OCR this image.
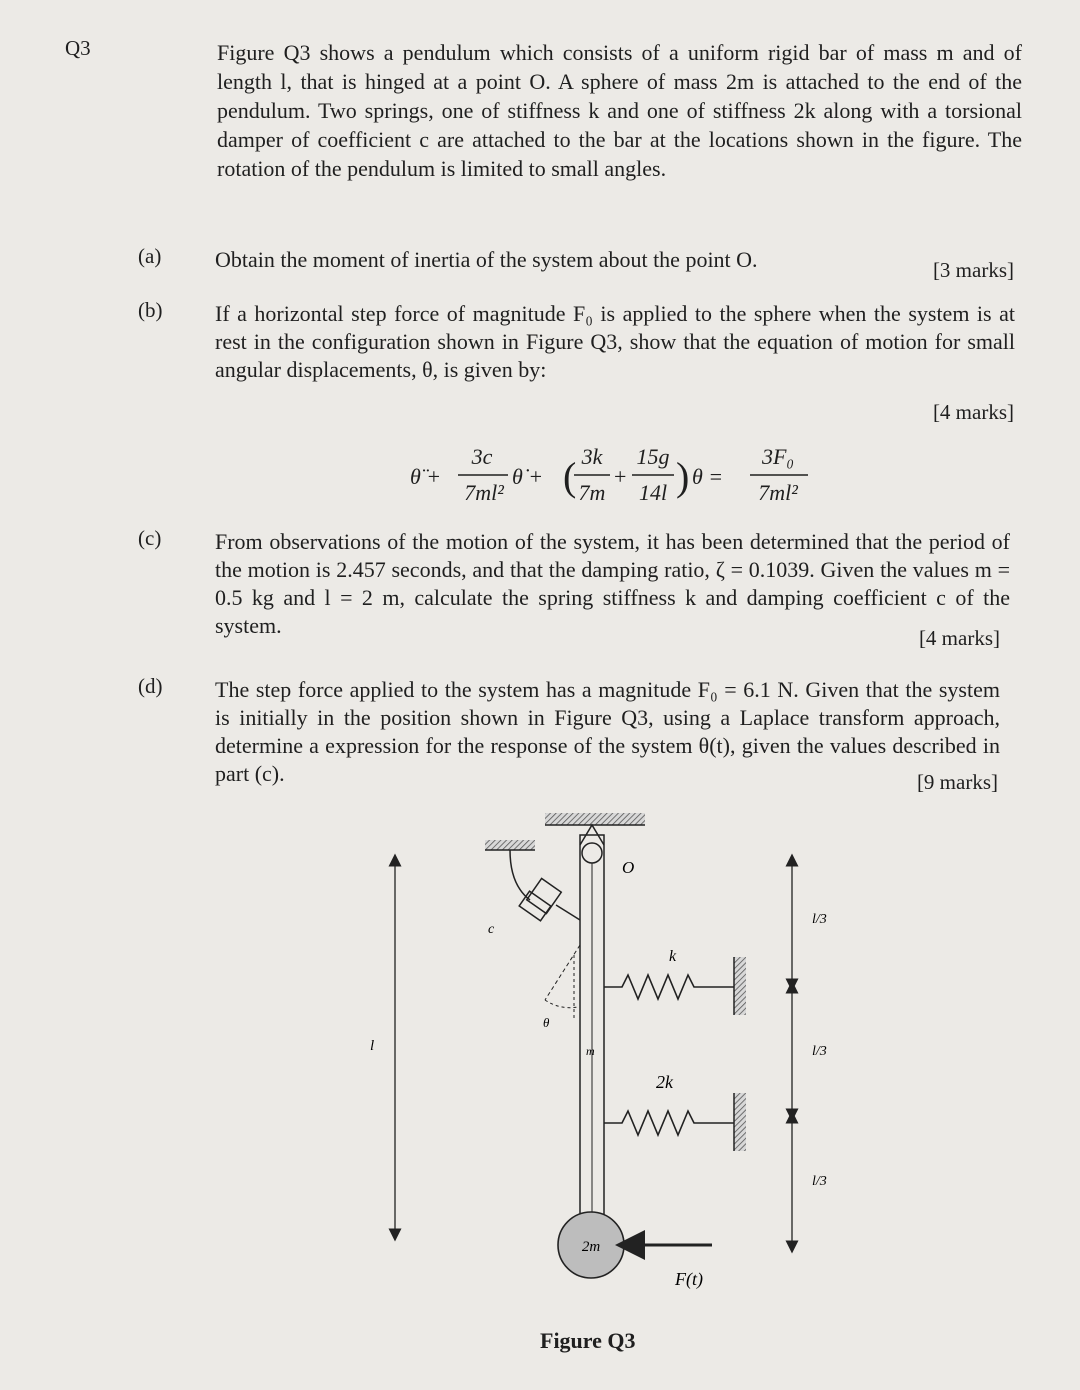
Q3	Figure Q3 shows a pendulum which consists of a uniform rigid bar of mass m and of length l, that is hinged at a point O. A sphere of mass 2m is attached to the end of the pendulum. Two springs, one of stiffness k and one of stiffness 2k along with a torsional damper of coefficient c are attached to the bar at the locations shown in the figure. The rotation of the pendulum is limited to small angles.

(a) Obtain the moment of inertia of the system about the point O.	[3 marks]
(b) If a horizontal step force of magnitude F₀ is applied to the sphere when the system is at rest in the configuration shown in Figure Q3, show that the equation of motion for small angular displacements, θ, is given by:

[4 marks]
θ̈ +
3c
7ml²
θ̇ + ( 3k
7m
+
15g
14l ) θ =
3F₀
7ml²
(c) From observations of the motion of the system, it has been determined that the period of the motion is 2.457 seconds, and that the damping ratio, ζ = 0.1039. Given the values m = 0.5 kg and l = 2 m, calculate the spring stiffness k and damping coefficient c of the system.	[4 marks]
(d) The step force applied to the system has a magnitude F₀ = 6.1 N. Given that the system is initially in the position shown in Figure Q3, using a Laplace transform approach, determine a expression for the response of the system θ(t), given the values described in part (c).	[9 marks]
O
c
θ
m
k
2k
2m
F(t)
l
l/3
l/3
l/3
Figure Q3
